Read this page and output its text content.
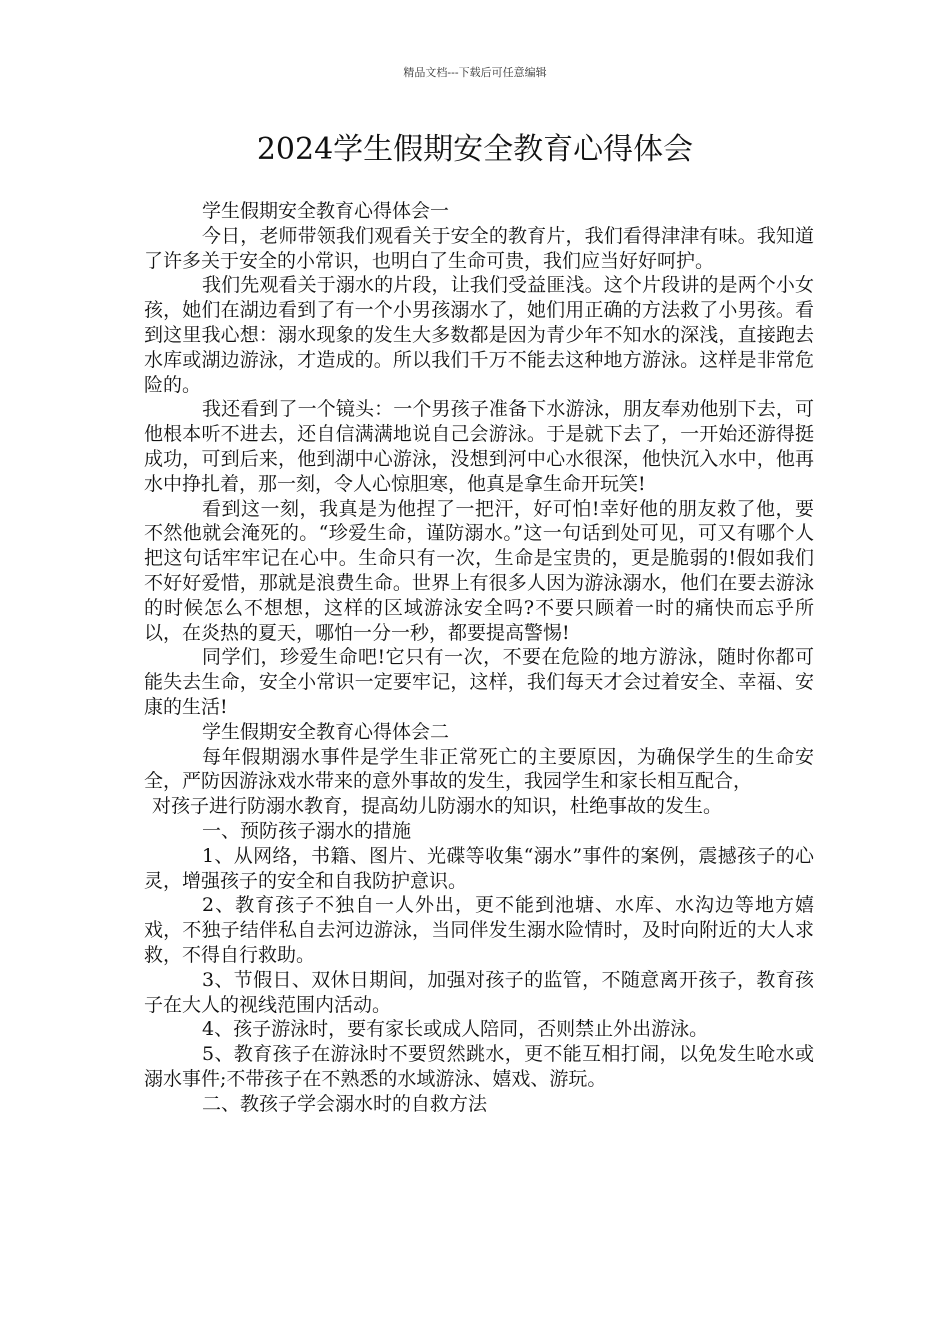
精品文档---下载后可任意编辑
2024学生假期安全教育心得体会

学生假期安全教育心得体会一

今日，老师带领我们观看关于安全的教育片，我们看得津津有味。我知道了许多关于安全的小常识，也明白了生命可贵，我们应当好好呵护。

我们先观看关于溺水的片段，让我们受益匪浅。这个片段讲的是两个小女孩，她们在湖边看到了有一个小男孩溺水了，她们用正确的方法救了小男孩。看到这里我心想：溺水现象的发生大多数都是因为青少年不知水的深浅，直接跑去水库或湖边游泳，才造成的。所以我们千万不能去这种地方游泳。这样是非常危险的。

我还看到了一个镜头：一个男孩子准备下水游泳，朋友奉劝他别下去，可他根本听不进去，还自信满满地说自己会游泳。于是就下去了，一开始还游得挺成功，可到后来，他到湖中心游泳，没想到河中心水很深，他快沉入水中，他再水中挣扎着，那一刻，令人心惊胆寒，他真是拿生命开玩笑!

看到这一刻，我真是为他捏了一把汗，好可怕!幸好他的朋友救了他，要不然他就会淹死的。“珍爱生命，谨防溺水。”这一句话到处可见，可又有哪个人把这句话牢牢记在心中。生命只有一次，生命是宝贵的，更是脆弱的!假如我们不好好爱惜，那就是浪费生命。世界上有很多人因为游泳溺水，他们在要去游泳的时候怎么不想想，这样的区域游泳安全吗?不要只顾着一时的痛快而忘乎所以，在炎热的夏天，哪怕一分一秒，都要提高警惕!

同学们，珍爱生命吧!它只有一次，不要在危险的地方游泳，随时你都可能失去生命，安全小常识一定要牢记，这样，我们每天才会过着安全、幸福、安康的生活!

学生假期安全教育心得体会二

每年假期溺水事件是学生非正常死亡的主要原因，为确保学生的生命安全，严防因游泳戏水带来的意外事故的发生，我园学生和家长相互配合，

对孩子进行防溺水教育，提高幼儿防溺水的知识，杜绝事故的发生。

一、预防孩子溺水的措施

1、从网络，书籍、图片、光碟等收集“溺水”事件的案例，震撼孩子的心灵，增强孩子的安全和自我防护意识。

2、教育孩子不独自一人外出，更不能到池塘、水库、水沟边等地方嬉戏，不独子结伴私自去河边游泳，当同伴发生溺水险情时，及时向附近的大人求救，不得自行救助。

3、节假日、双休日期间，加强对孩子的监管，不随意离开孩子，教育孩子在大人的视线范围内活动。

4、孩子游泳时，要有家长或成人陪同，否则禁止外出游泳。

5、教育孩子在游泳时不要贸然跳水，更不能互相打闹，以免发生呛水或溺水事件;不带孩子在不熟悉的水域游泳、嬉戏、游玩。

二、教孩子学会溺水时的自救方法
